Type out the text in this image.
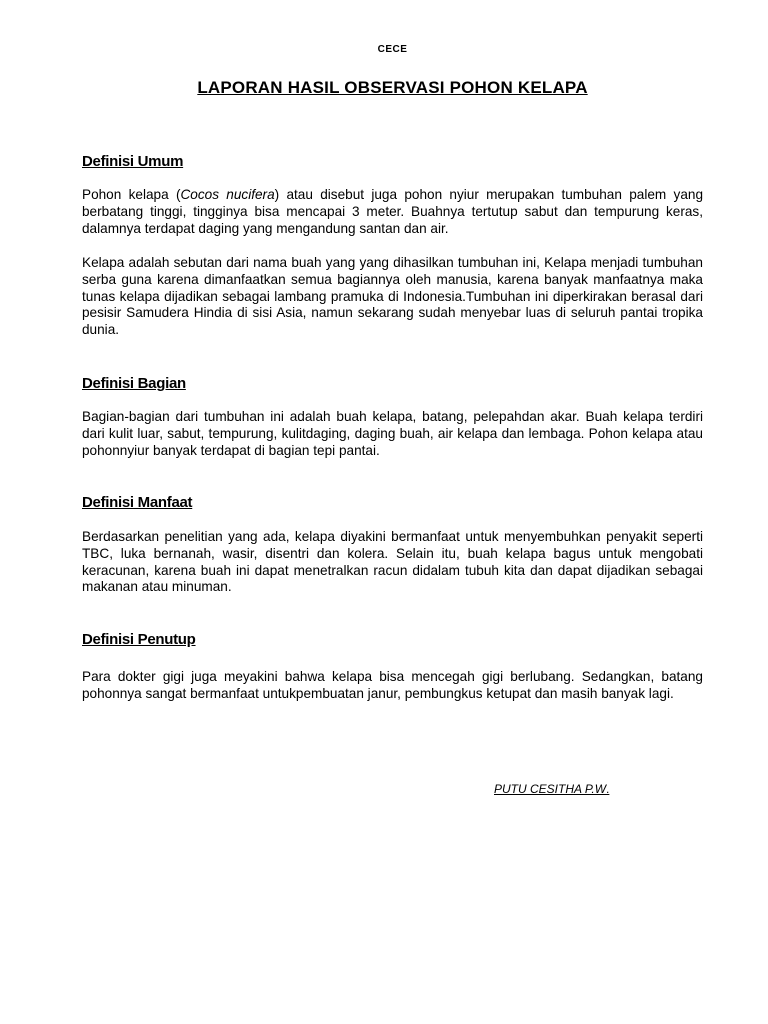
CECE
LAPORAN HASIL OBSERVASI POHON KELAPA
Definisi Umum

Pohon kelapa (Cocos nucifera) atau disebut juga pohon nyiur merupakan tumbuhan palem yang berbatang tinggi, tingginya bisa mencapai 3 meter. Buahnya tertutup sabut dan tempurung keras, dalamnya terdapat daging yang mengandung santan dan air.

Kelapa adalah sebutan dari nama buah yang yang dihasilkan tumbuhan ini, Kelapa menjadi tumbuhan serba guna karena dimanfaatkan semua bagiannya oleh manusia, karena banyak manfaatnya maka tunas kelapa dijadikan sebagai lambang pramuka di Indonesia.Tumbuhan ini diperkirakan berasal dari pesisir Samudera Hindia di sisi Asia, namun sekarang sudah menyebar luas di seluruh pantai tropika dunia.

Definisi Bagian

Bagian-bagian dari tumbuhan ini adalah buah kelapa, batang, pelepahdan akar. Buah kelapa terdiri dari kulit luar, sabut, tempurung, kulitdaging, daging buah, air kelapa dan lembaga. Pohon kelapa atau pohonnyiur banyak terdapat di bagian tepi pantai.

Definisi Manfaat

Berdasarkan penelitian yang ada, kelapa diyakini bermanfaat untuk menyembuhkan penyakit seperti TBC, luka bernanah, wasir, disentri dan kolera. Selain itu, buah kelapa bagus untuk mengobati keracunan, karena buah ini dapat menetralkan racun didalam tubuh kita dan dapat dijadikan sebagai makanan atau minuman.

Definisi Penutup

Para dokter gigi juga meyakini bahwa kelapa bisa mencegah gigi berlubang. Sedangkan, batang pohonnya sangat bermanfaat untukpembuatan janur, pembungkus ketupat dan masih banyak lagi.

PUTU CESITHA P.W.
